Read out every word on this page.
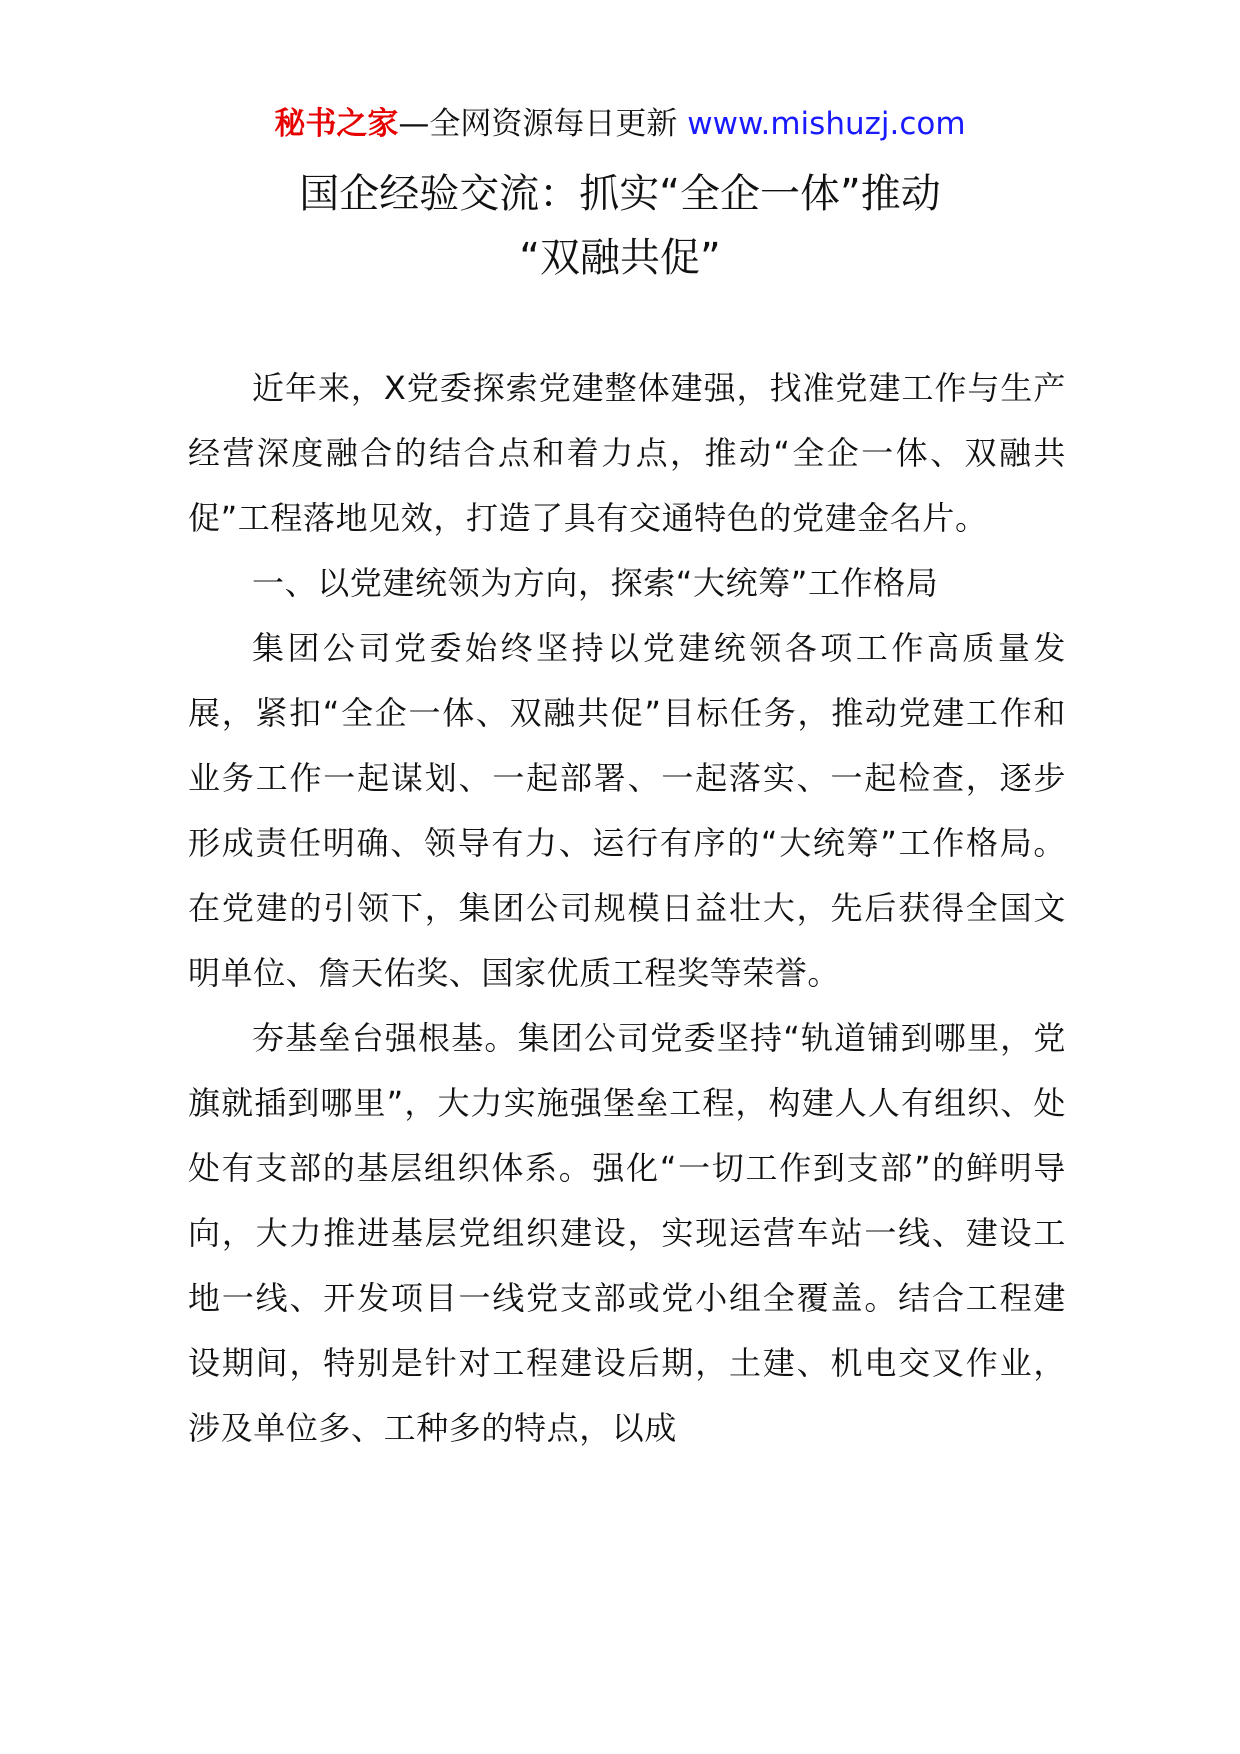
秘书之家—全网资源每日更新 www.mishuzj.com
国企经验交流：抓实“全企一体”推动
“双融共促”

近年来，X党委探索党建整体建强，找准党建工作与生产经营深度融合的结合点和着力点，推动“全企一体、双融共促”工程落地见效，打造了具有交通特色的党建金名片。

一、以党建统领为方向，探索“大统筹”工作格局

集团公司党委始终坚持以党建统领各项工作高质量发展，紧扣“全企一体、双融共促”目标任务，推动党建工作和业务工作一起谋划、一起部署、一起落实、一起检查，逐步形成责任明确、领导有力、运行有序的“大统筹”工作格局。在党建的引领下，集团公司规模日益壮大，先后获得全国文明单位、詹天佑奖、国家优质工程奖等荣誉。

夯基垒台强根基。集团公司党委坚持“轨道铺到哪里，党旗就插到哪里”，大力实施强堡垒工程，构建人人有组织、处处有支部的基层组织体系。强化“一切工作到支部”的鲜明导向，大力推进基层党组织建设，实现运营车站一线、建设工地一线、开发项目一线党支部或党小组全覆盖。结合工程建设期间，特别是针对工程建设后期，土建、机电交叉作业，涉及单位多、工种多的特点，以成
